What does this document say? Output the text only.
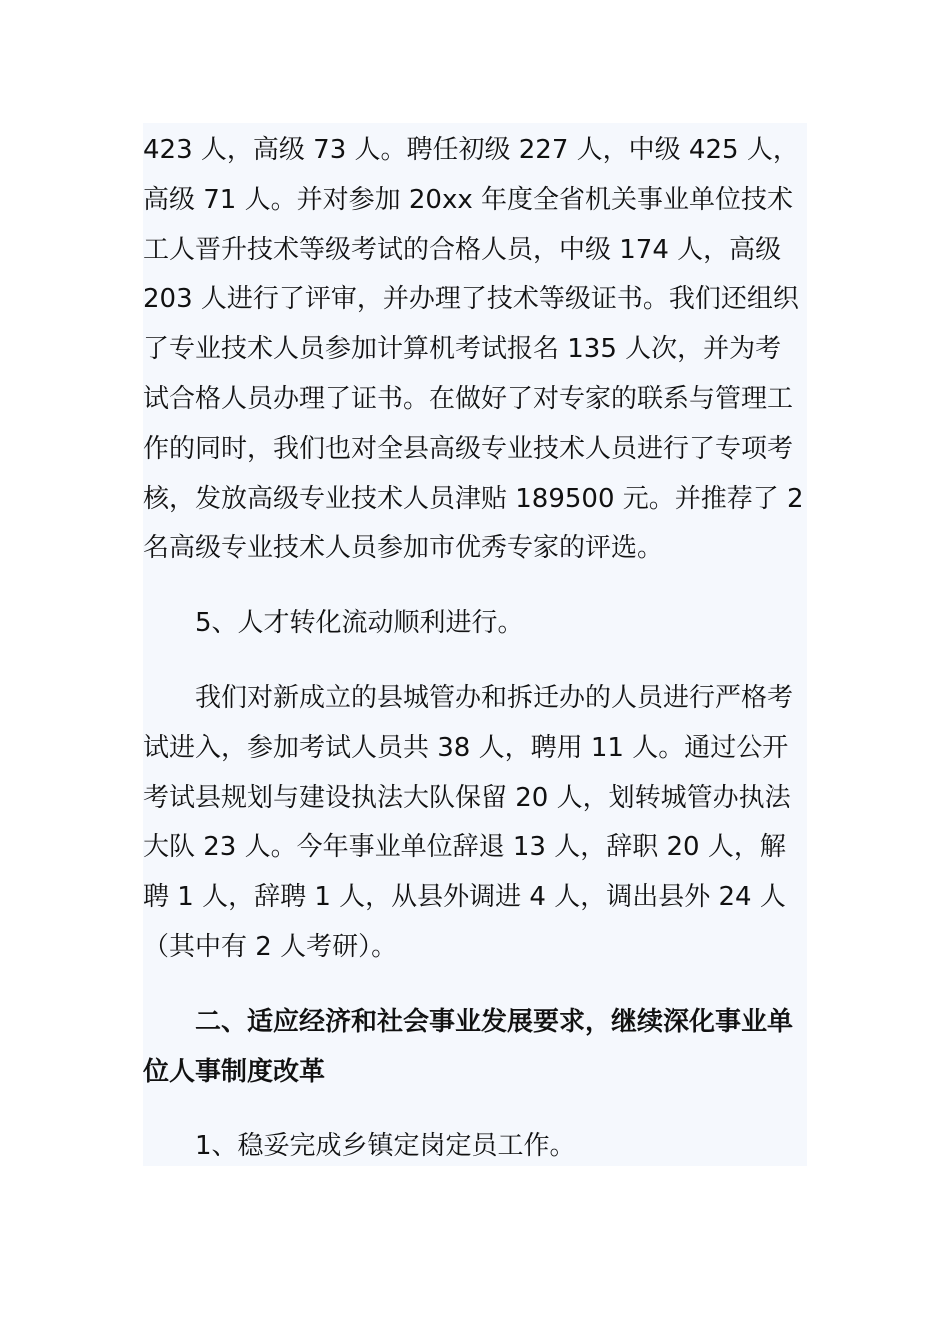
423 人，高级 73 人。聘任初级 227 人，中级 425 人，高级 71 人。并对参加 20xx 年度全省机关事业单位技术工人晋升技术等级考试的合格人员，中级 174 人，高级 203 人进行了评审，并办理了技术等级证书。我们还组织了专业技术人员参加计算机考试报名 135 人次，并为考试合格人员办理了证书。在做好了对专家的联系与管理工作的同时，我们也对全县高级专业技术人员进行了专项考核，发放高级专业技术人员津贴 189500 元。并推荐了 2 名高级专业技术人员参加市优秀专家的评选。

5、人才转化流动顺利进行。

我们对新成立的县城管办和拆迁办的人员进行严格考试进入，参加考试人员共 38 人，聘用 11 人。通过公开考试县规划与建设执法大队保留 20 人，划转城管办执法大队 23 人。今年事业单位辞退 13 人，辞职 20 人，解聘 1 人，辞聘 1 人，从县外调进 4 人，调出县外 24 人（其中有 2 人考研）。

二、适应经济和社会事业发展要求，继续深化事业单位人事制度改革

1、稳妥完成乡镇定岗定员工作。
